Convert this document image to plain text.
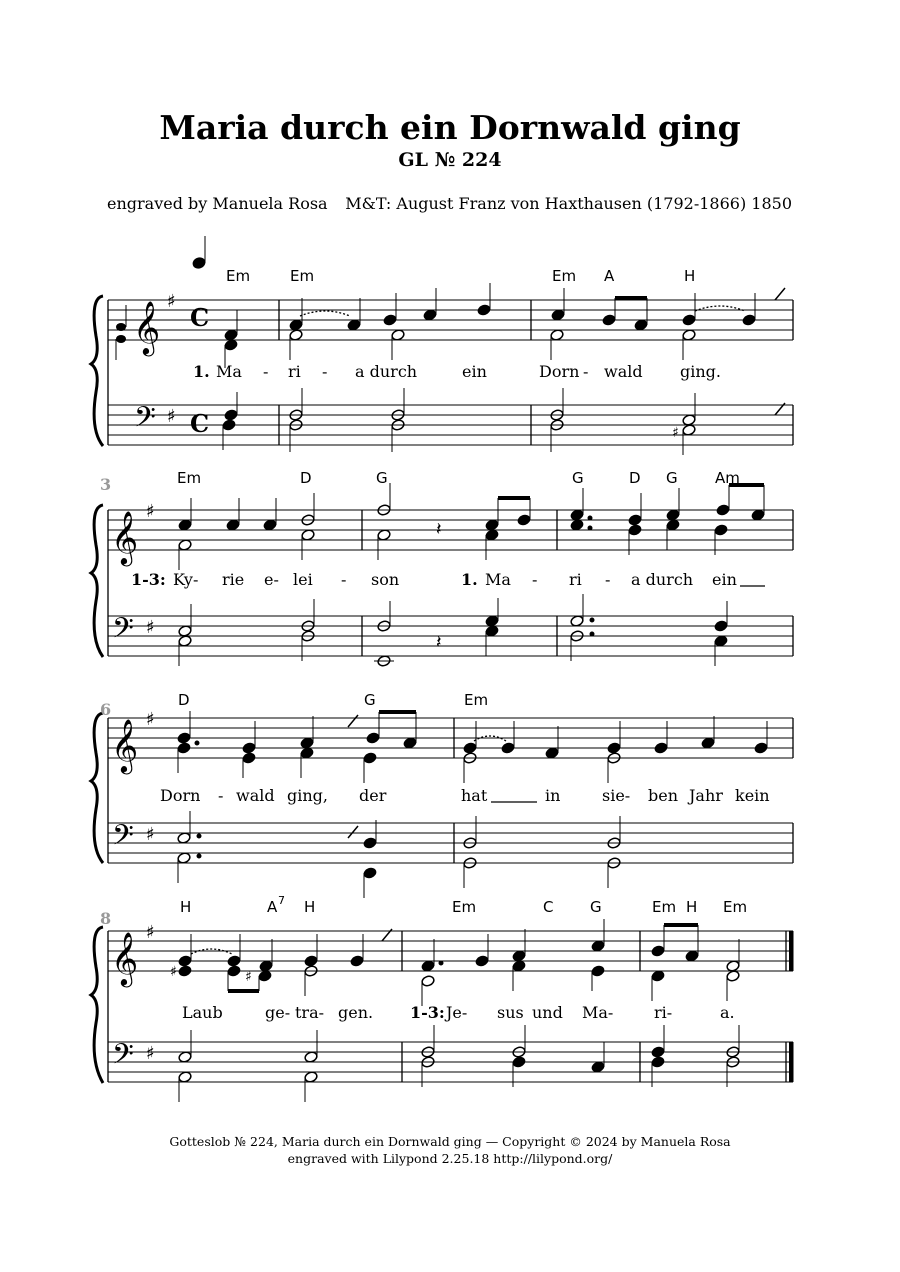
Maria durch ein Dornwald ging
GL № 224
engraved by Manuela Rosa M&T: August Franz von Haxthausen (1792-1866) 1850
𝄞
𝄢
♯
♯
C
C	♯
Em	Em	Em A	H
1. Ma - ri - a durch	ein	Dorn - wald ging.
3
𝄞
𝄢
♯
♯
𝄽
𝄽
Em	D	G	G	D G Am
1-3: Ky- rie e- lei - son	1. Ma - ri - a durch ein
6
𝄞
𝄢
♯
♯
D	G	Em
Dorn - wald ging, der	hat	in	sie- ben Jahr kein
8
𝄞
𝄢
♯
♯
♯	♯
H	A 7 H	Em	C G	Em H Em
Laub	ge- tra- gen. 1-3: Je- sus und Ma-	ri-	a.
Gotteslob № 224, Maria durch ein Dornwald ging — Copyright © 2024 by Manuela Rosa
engraved with Lilypond 2.25.18 http://lilypond.org/
